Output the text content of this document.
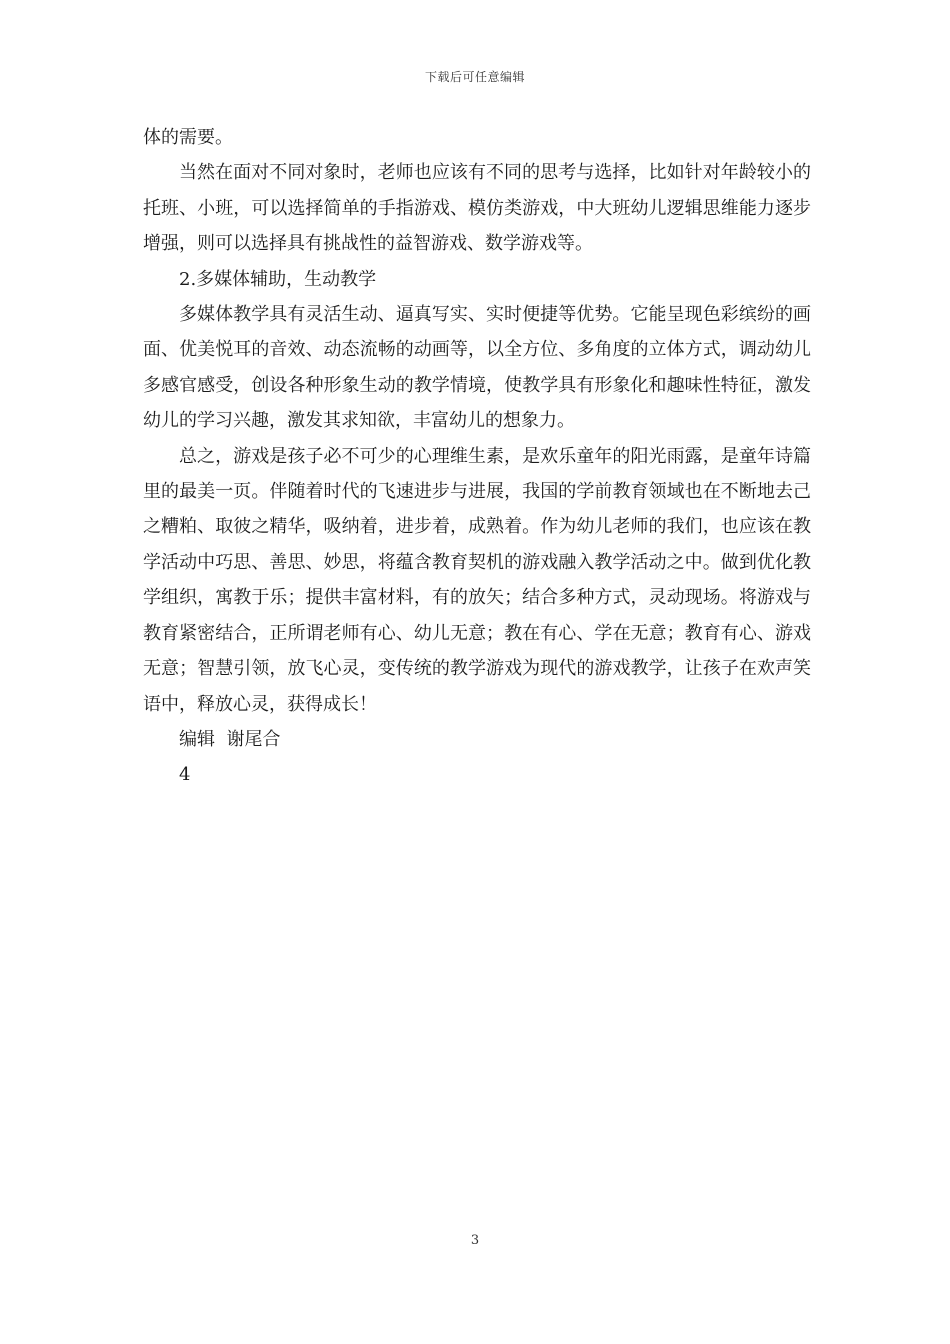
下载后可任意编辑

体的需要。

当然在面对不同对象时，老师也应该有不同的思考与选择，比如针对年龄较小的托班、小班，可以选择简单的手指游戏、模仿类游戏，中大班幼儿逻辑思维能力逐步增强，则可以选择具有挑战性的益智游戏、数学游戏等。

2.多媒体辅助，生动教学

多媒体教学具有灵活生动、逼真写实、实时便捷等优势。它能呈现色彩缤纷的画面、优美悦耳的音效、动态流畅的动画等，以全方位、多角度的立体方式，调动幼儿多感官感受，创设各种形象生动的教学情境，使教学具有形象化和趣味性特征，激发幼儿的学习兴趣，激发其求知欲，丰富幼儿的想象力。

总之，游戏是孩子必不可少的心理维生素，是欢乐童年的阳光雨露，是童年诗篇里的最美一页。伴随着时代的飞速进步与进展，我国的学前教育领域也在不断地去己之糟粕、取彼之精华，吸纳着，进步着，成熟着。作为幼儿老师的我们，也应该在教学活动中巧思、善思、妙思，将蕴含教育契机的游戏融入教学活动之中。做到优化教学组织，寓教于乐；提供丰富材料，有的放矢；结合多种方式，灵动现场。将游戏与教育紧密结合，正所谓老师有心、幼儿无意；教在有心、学在无意；教育有心、游戏无意；智慧引领，放飞心灵，变传统的教学游戏为现代的游戏教学，让孩子在欢声笑语中，释放心灵，获得成长！

编辑  谢尾合

4

3
